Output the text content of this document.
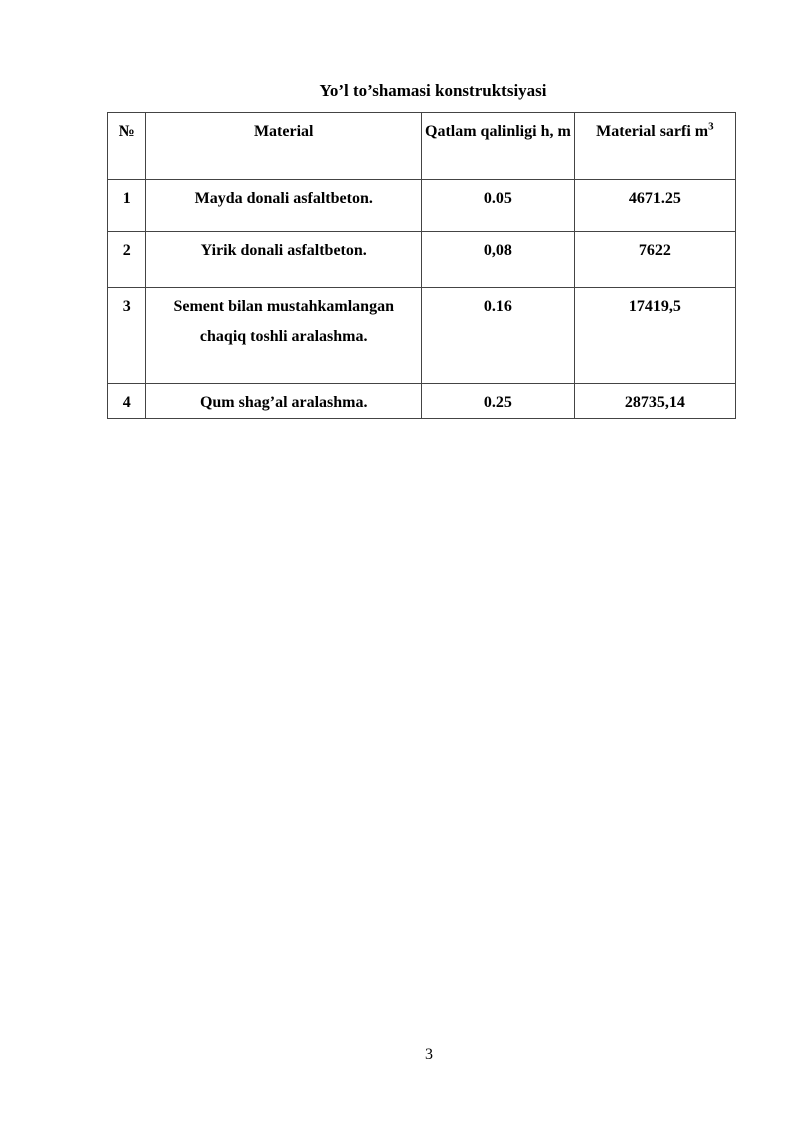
Yo’l to’shamasi konstruktsiyasi
№	Material	Qatlam qalinligi h, m	Material sarfi $m^3$
1	Mayda donali asfaltbeton.	0.05	4671.25
2	Yirik donali asfaltbeton.	0,08	7622
3	Sement bilan mustahkamlangan chaqiq toshli aralashma.	0.16	17419,5
4	Qum shag’al aralashma.	0.25	28735,14
3
